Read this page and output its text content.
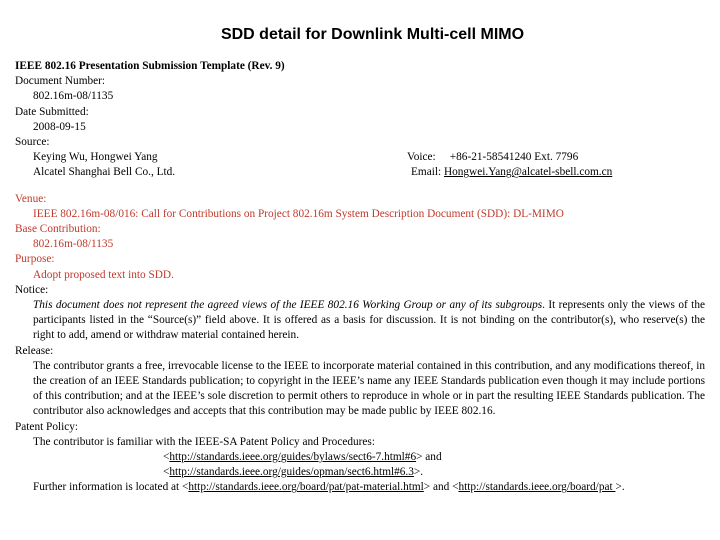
SDD detail for Downlink Multi-cell MIMO
IEEE 802.16 Presentation Submission Template (Rev. 9)
Document Number:
802.16m-08/1135
Date Submitted:
2008-09-15
Source:
Keying Wu, Hongwei Yang	Voice: +86-21-58541240 Ext. 7796
Alcatel Shanghai Bell Co., Ltd.	Email: Hongwei.Yang@alcatel-sbell.com.cn
Venue:
IEEE 802.16m-08/016: Call for Contributions on Project 802.16m System Description Document (SDD): DL-MIMO
Base Contribution:
802.16m-08/1135
Purpose:
Adopt proposed text into SDD.
Notice:
This document does not represent the agreed views of the IEEE 802.16 Working Group or any of its subgroups. It represents only the views of the participants listed in the “Source(s)” field above. It is offered as a basis for discussion. It is not binding on the contributor(s), who reserve(s) the right to add, amend or withdraw material contained herein.
Release:
The contributor grants a free, irrevocable license to the IEEE to incorporate material contained in this contribution, and any modifications thereof, in the creation of an IEEE Standards publication; to copyright in the IEEE’s name any IEEE Standards publication even though it may include portions of this contribution; and at the IEEE’s sole discretion to permit others to reproduce in whole or in part the resulting IEEE Standards publication. The contributor also acknowledges and accepts that this contribution may be made public by IEEE 802.16.
Patent Policy:
The contributor is familiar with the IEEE-SA Patent Policy and Procedures:
<http://standards.ieee.org/guides/bylaws/sect6-7.html#6> and
<http://standards.ieee.org/guides/opman/sect6.html#6.3>.
Further information is located at <http://standards.ieee.org/board/pat/pat-material.html> and <http://standards.ieee.org/board/pat >.
